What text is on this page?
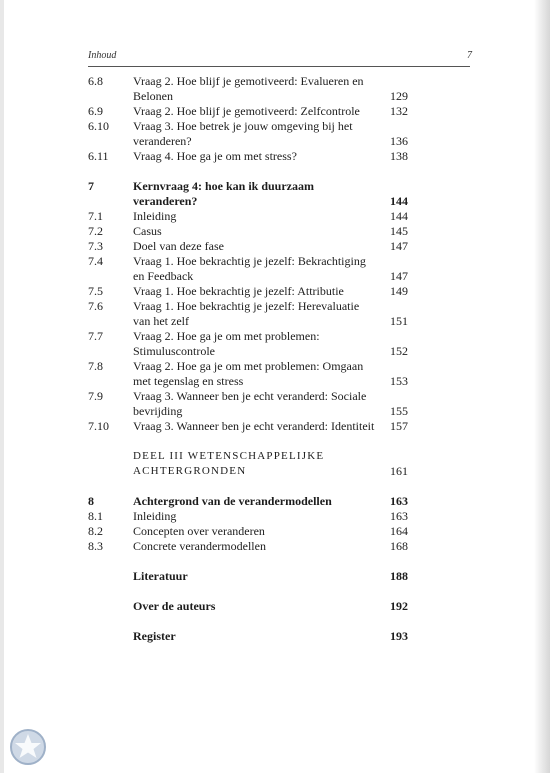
Inhoud	7
6.8	Vraag 2. Hoe blijf je gemotiveerd: Evalueren en Belonen	129
6.9	Vraag 2. Hoe blijf je gemotiveerd: Zelfcontrole	132
6.10 Vraag 3. Hoe betrek je jouw omgeving bij het veranderen?	136
6.11 Vraag 4. Hoe ga je om met stress?	138
7	Kernvraag 4: hoe kan ik duurzaam veranderen?	144
7.1	Inleiding	144
7.2	Casus	145
7.3	Doel van deze fase	147
7.4	Vraag 1. Hoe bekrachtig je jezelf: Bekrachtiging en Feedback	147
7.5	Vraag 1. Hoe bekrachtig je jezelf: Attributie	149
7.6	Vraag 1. Hoe bekrachtig je jezelf: Herevaluatie van het zelf	151
7.7	Vraag 2. Hoe ga je om met problemen: Stimuluscontrole	152
7.8	Vraag 2. Hoe ga je om met problemen: Omgaan met tegenslag en stress	153
7.9	Vraag 3. Wanneer ben je echt veranderd: Sociale bevrijding	155
7.10 Vraag 3. Wanneer ben je echt veranderd: Identiteit	157
DEEL III WETENSCHAPPELIJKE ACHTERGRONDEN	161
8	Achtergrond van de verandermodellen	163
8.1	Inleiding	163
8.2	Concepten over veranderen	164
8.3	Concrete verandermodellen	168
Literatuur	188
Over de auteurs	192
Register	193
